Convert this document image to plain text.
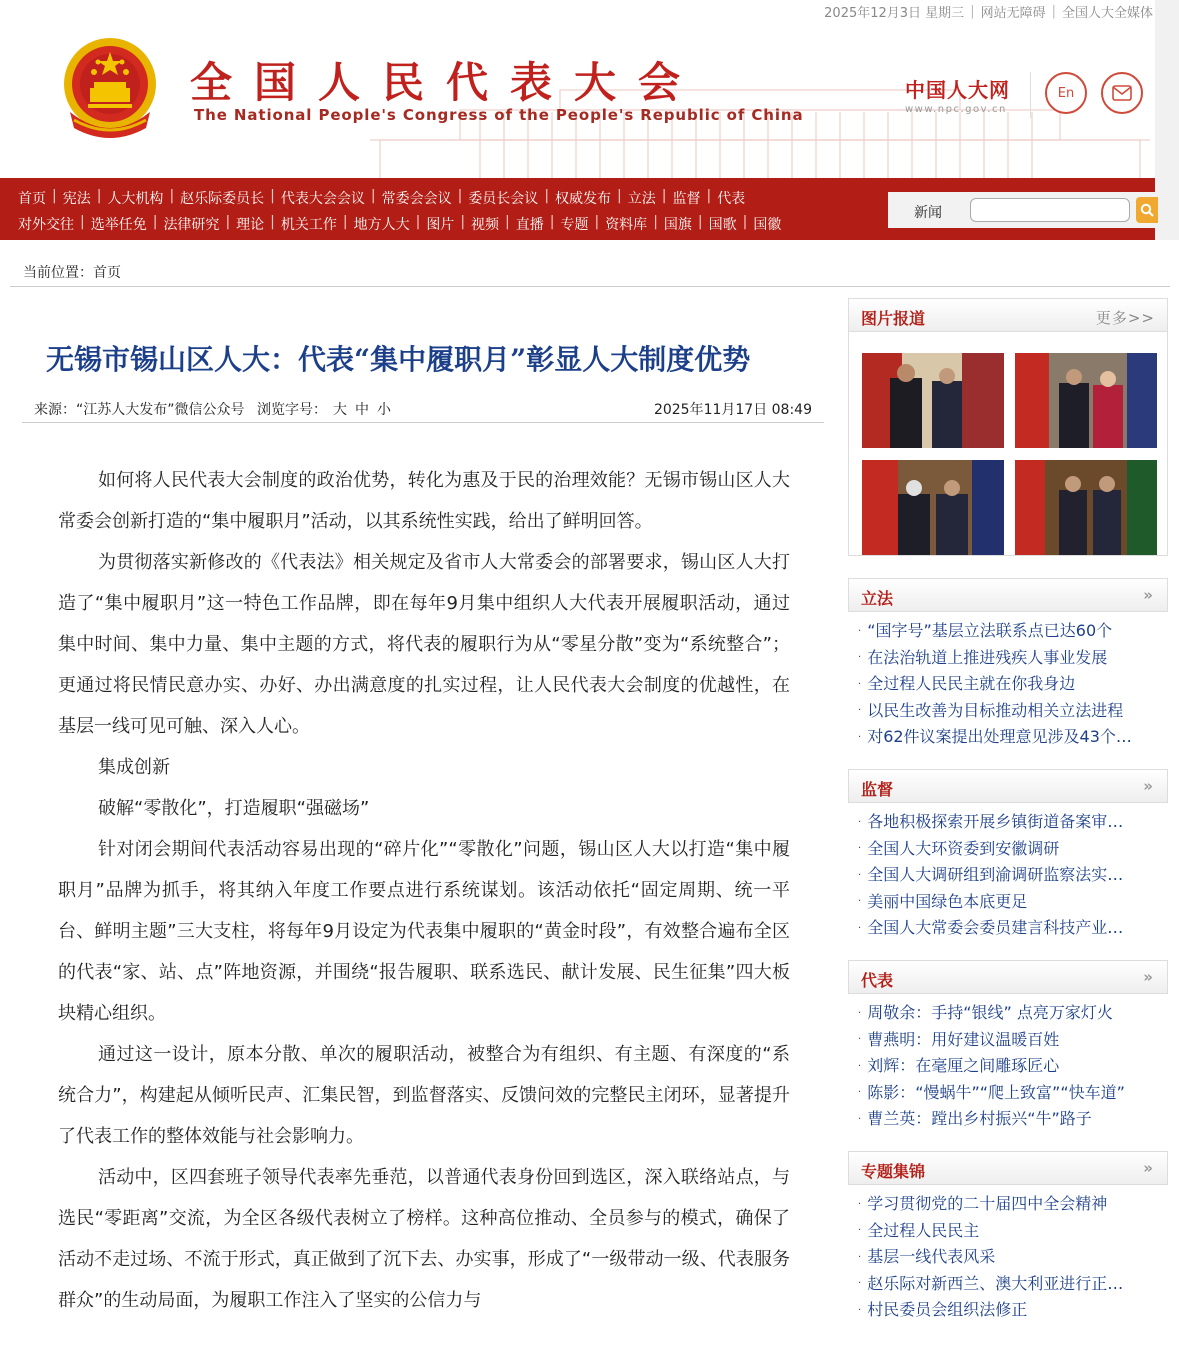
2025年12月3日 星期三 | 网站无障碍 | 全国人大全媒体
全国人民代表大会
The National People's Congress of the People's Republic of China
中国人大网
www.npc.gov.cn
En
首页 | 宪法 | 人大机构 | 赵乐际委员长 | 代表大会会议 | 常委会会议 | 委员长会议 | 权威发布 | 立法 | 监督 | 代表
对外交往 | 选举任免 | 法律研究 | 理论 | 机关工作 | 地方人大 | 图片 | 视频 | 直播 | 专题 | 资料库 | 国旗 | 国歌 | 国徽
新闻
当前位置：首页
无锡市锡山区人大：代表“集中履职月”彰显人大制度优势
来源：“江苏人大发布”微信公众号 浏览字号： 大 中 小	2025年11月17日 08:49

如何将人民代表大会制度的政治优势，转化为惠及于民的治理效能？无锡市锡山区人大常委会创新打造的“集中履职月”活动，以其系统性实践，给出了鲜明回答。

为贯彻落实新修改的《代表法》相关规定及省市人大常委会的部署要求，锡山区人大打造了“集中履职月”这一特色工作品牌，即在每年9月集中组织人大代表开展履职活动，通过集中时间、集中力量、集中主题的方式，将代表的履职行为从“零星分散”变为“系统整合”；更通过将民情民意办实、办好、办出满意度的扎实过程，让人民代表大会制度的优越性，在基层一线可见可触、深入人心。

集成创新

破解“零散化”，打造履职“强磁场”

针对闭会期间代表活动容易出现的“碎片化”“零散化”问题，锡山区人大以打造“集中履职月”品牌为抓手，将其纳入年度工作要点进行系统谋划。该活动依托“固定周期、统一平台、鲜明主题”三大支柱，将每年9月设定为代表集中履职的“黄金时段”，有效整合遍布全区的代表“家、站、点”阵地资源，并围绕“报告履职、联系选民、献计发展、民生征集”四大板块精心组织。

通过这一设计，原本分散、单次的履职活动，被整合为有组织、有主题、有深度的“系统合力”，构建起从倾听民声、汇集民智，到监督落实、反馈问效的完整民主闭环，显著提升了代表工作的整体效能与社会影响力。

活动中，区四套班子领导代表率先垂范，以普通代表身份回到选区，深入联络站点，与选民“零距离”交流，为全区各级代表树立了榜样。这种高位推动、全员参与的模式，确保了活动不走过场、不流于形式，真正做到了沉下去、办实事，形成了“一级带动一级、代表服务群众”的生动局面，为履职工作注入了坚实的公信力与

图片报道	更多>>
立法	»
· “国字号”基层立法联系点已达60个
· 在法治轨道上推进残疾人事业发展
· 全过程人民民主就在你我身边
· 以民生改善为目标推动相关立法进程
· 对62件议案提出处理意见涉及43个…
监督	»
· 各地积极探索开展乡镇街道备案审…
· 全国人大环资委到安徽调研
· 全国人大调研组到渝调研监察法实…
· 美丽中国绿色本底更足
· 全国人大常委会委员建言科技产业…
代表	»
· 周敬余：手持“银线” 点亮万家灯火
· 曹燕明：用好建议温暖百姓
· 刘辉：在毫厘之间雕琢匠心
· 陈影：“慢蜗牛”“爬上致富”“快车道”
· 曹兰英：蹚出乡村振兴“牛”路子
专题集锦	»
· 学习贯彻党的二十届四中全会精神
· 全过程人民民主
· 基层一线代表风采
· 赵乐际对新西兰、澳大利亚进行正…
· 村民委员会组织法修正
